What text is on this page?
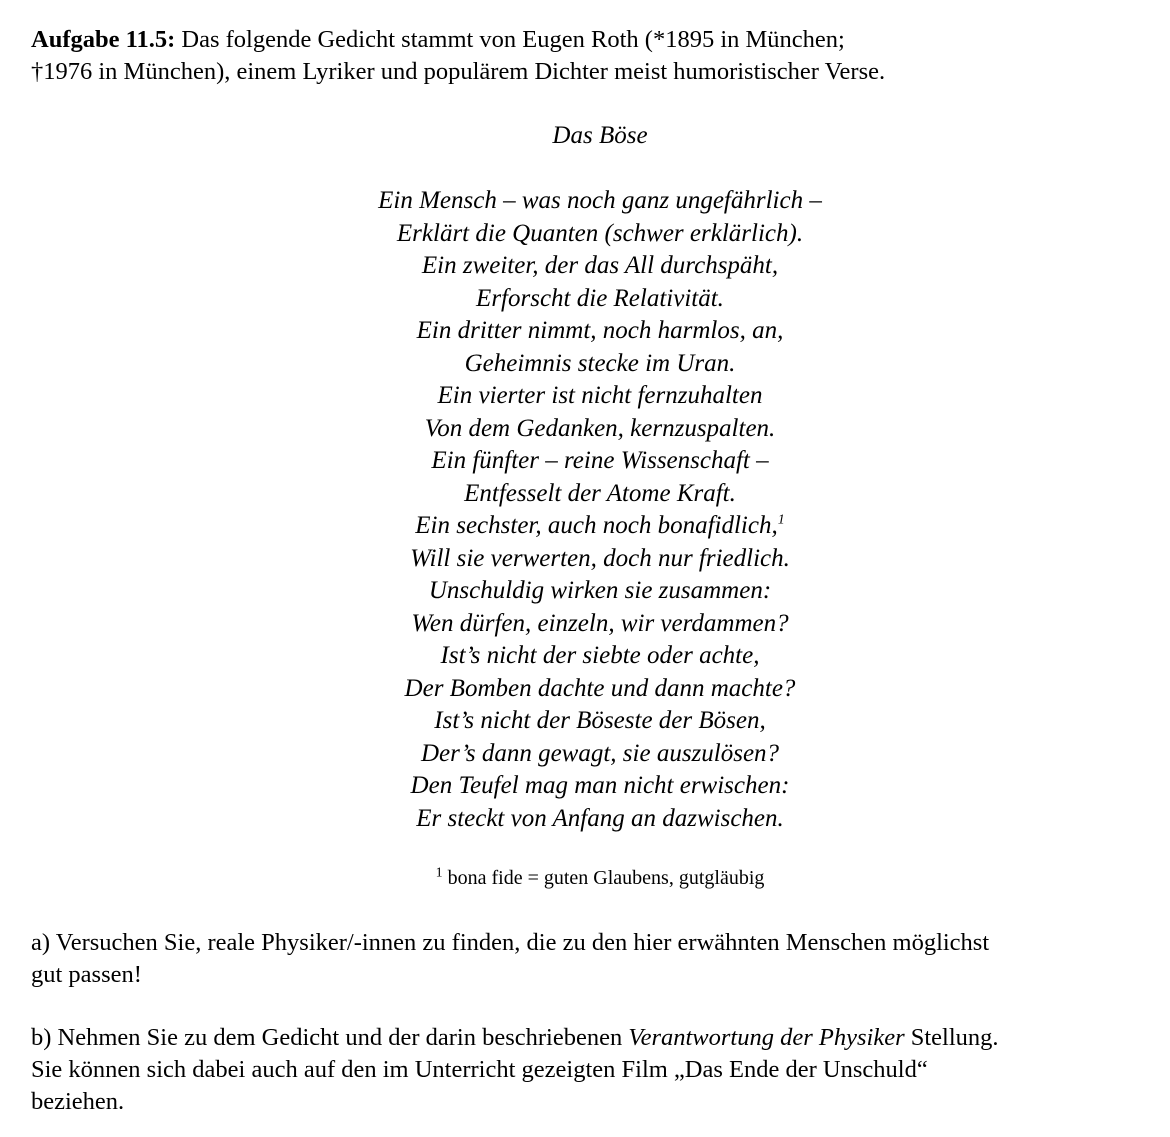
Aufgabe 11.5: Das folgende Gedicht stammt von Eugen Roth (*1895 in München;
†1976 in München), einem Lyriker und populärem Dichter meist humoristischer Verse.
Das Böse
Ein Mensch – was noch ganz ungefährlich –
Erklärt die Quanten (schwer erklärlich).
Ein zweiter, der das All durchspäht,
Erforscht die Relativität.
Ein dritter nimmt, noch harmlos, an,
Geheimnis stecke im Uran.
Ein vierter ist nicht fernzuhalten
Von dem Gedanken, kernzuspalten.
Ein fünfter – reine Wissenschaft –
Entfesselt der Atome Kraft.
Ein sechster, auch noch bonafidlich,$^1$
Will sie verwerten, doch nur friedlich.
Unschuldig wirken sie zusammen:
Wen dürfen, einzeln, wir verdammen?
Ist’s nicht der siebte oder achte,
Der Bomben dachte und dann machte?
Ist’s nicht der Böseste der Bösen,
Der’s dann gewagt, sie auszulösen?
Den Teufel mag man nicht erwischen:
Er steckt von Anfang an dazwischen.
$^1$ bona fide = guten Glaubens, gutgläubig
a) Versuchen Sie, reale Physiker/-innen zu finden, die zu den hier erwähnten Menschen möglichst
gut passen!
b) Nehmen Sie zu dem Gedicht und der darin beschriebenen Verantwortung der Physiker Stellung.
Sie können sich dabei auch auf den im Unterricht gezeigten Film „Das Ende der Unschuld“
beziehen.
